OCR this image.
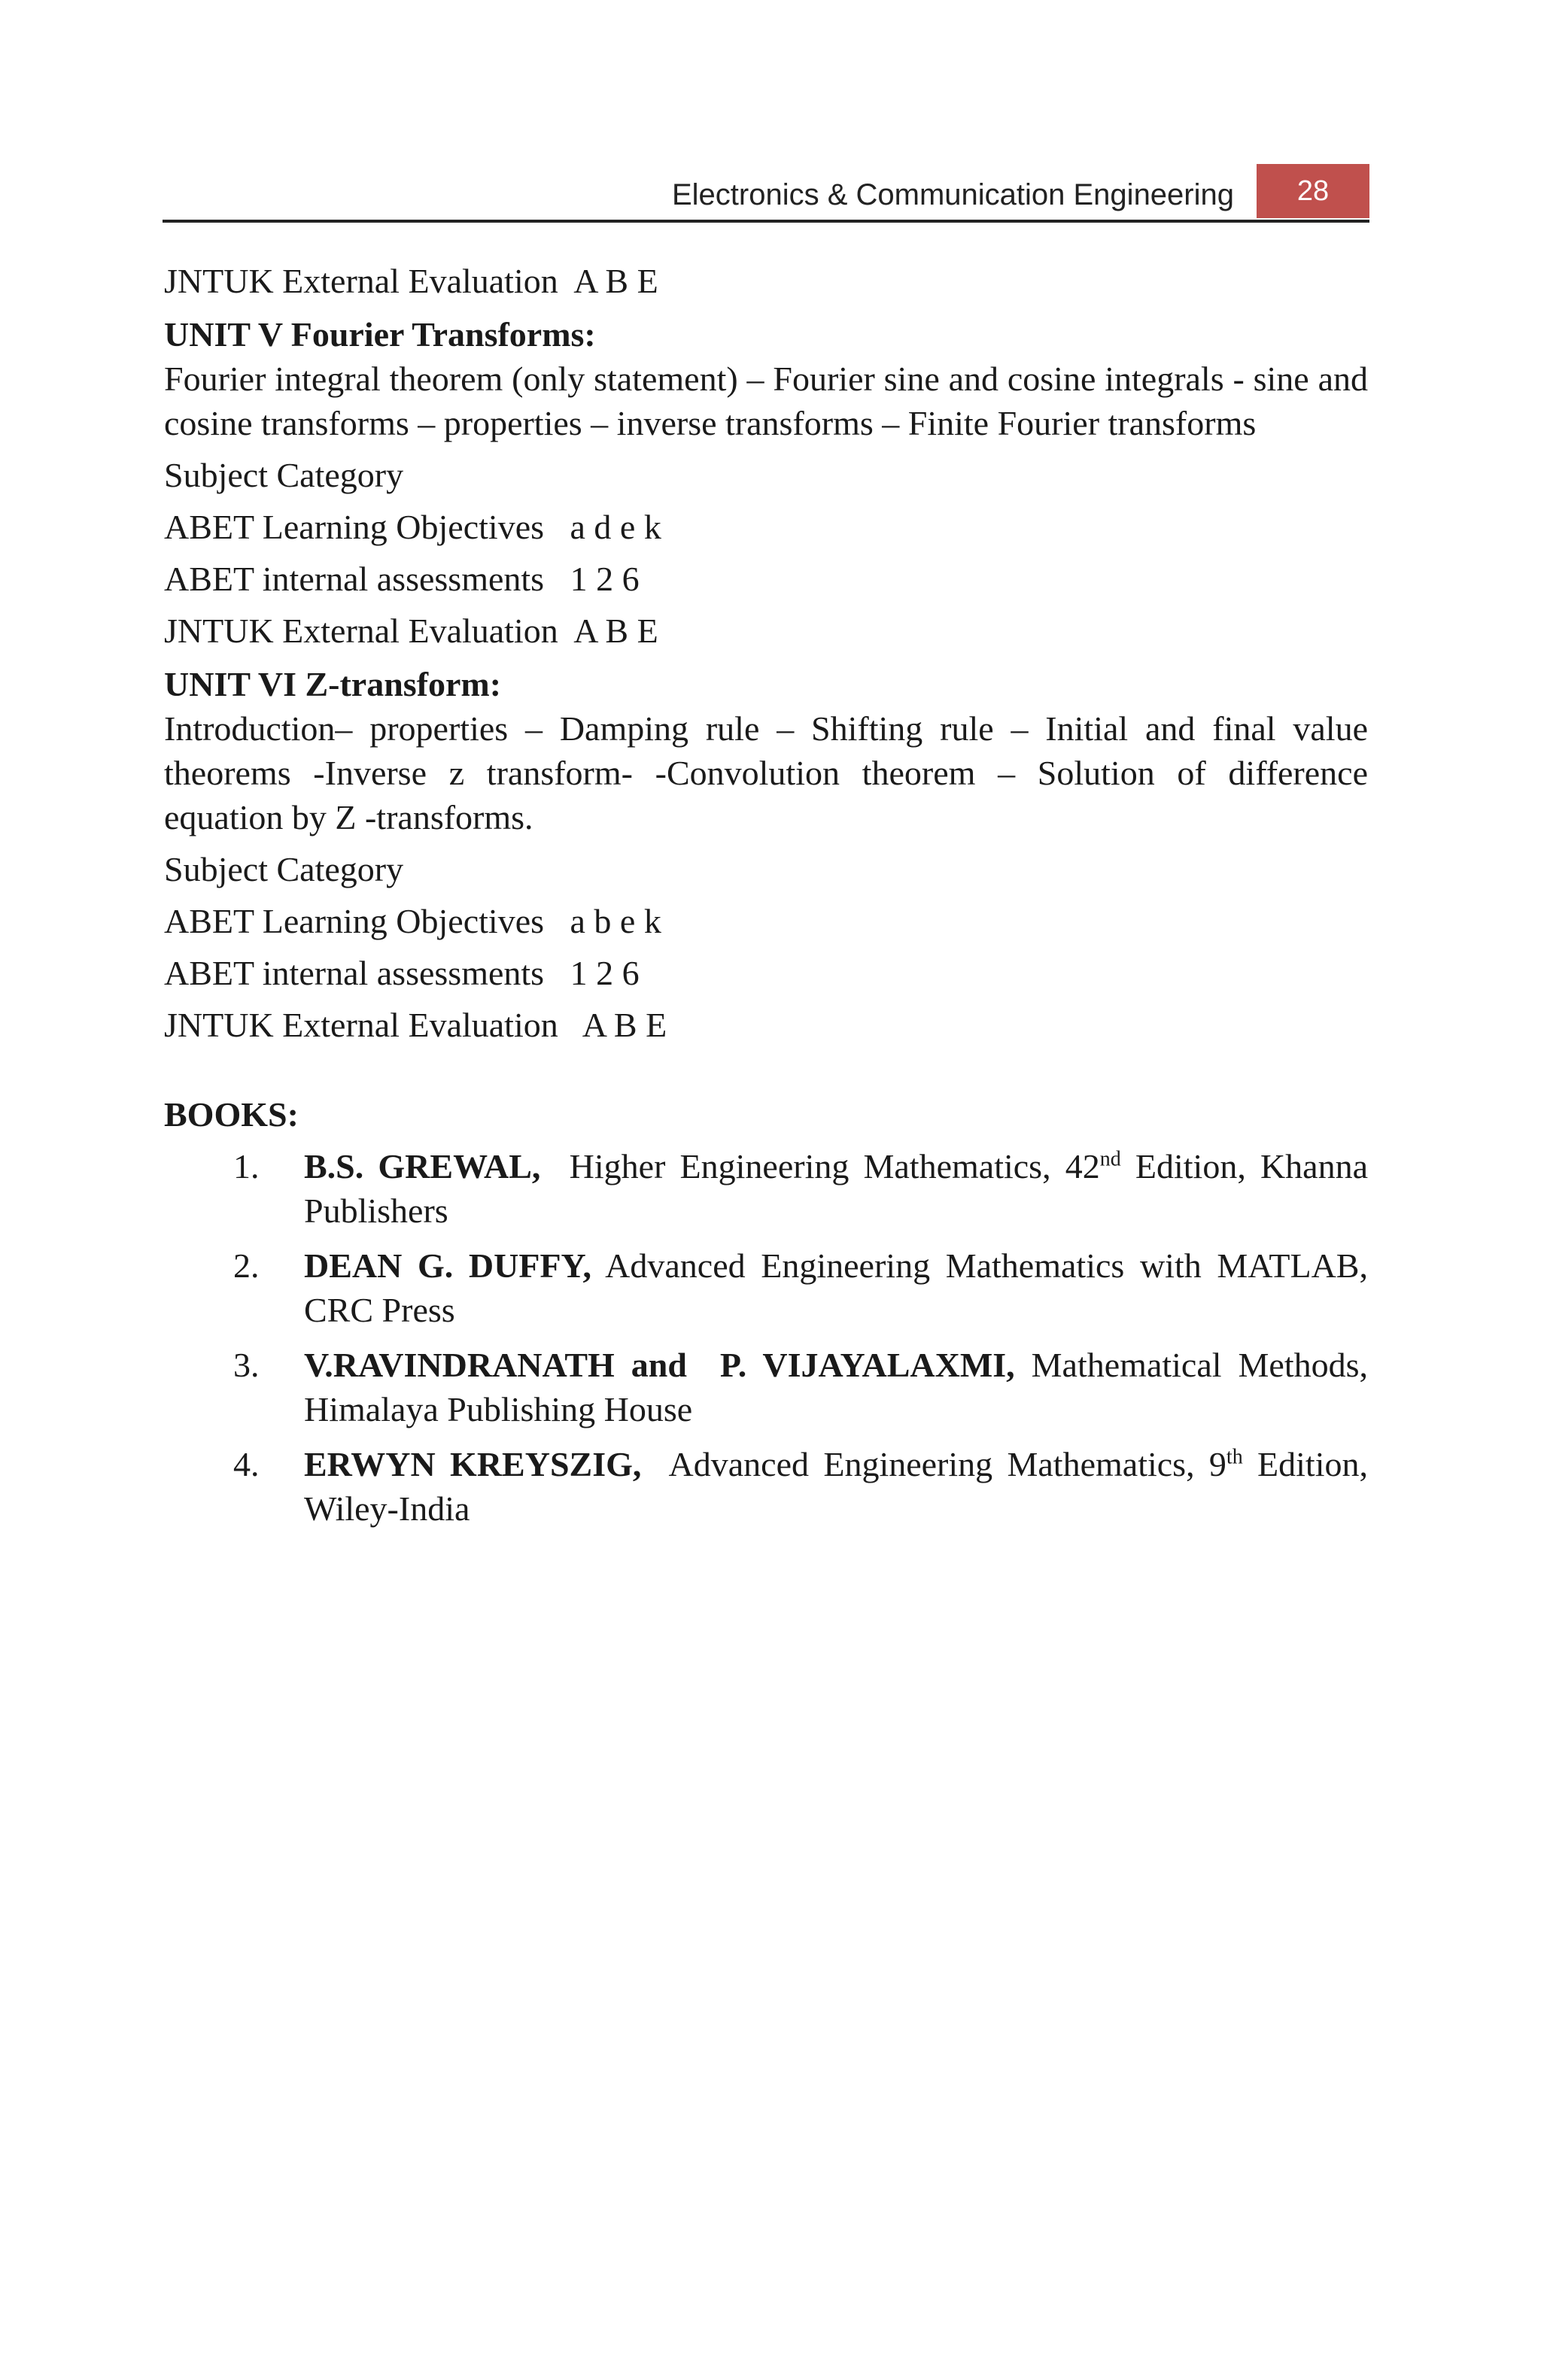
Electronics & Communication Engineering	28

JNTUK External Evaluation  A B E

UNIT V Fourier Transforms:

Fourier integral theorem (only statement) – Fourier sine and cosine integrals - sine and cosine transforms – properties – inverse transforms – Finite Fourier transforms

Subject Category

ABET Learning Objectives   a d e k

ABET internal assessments   1 2 6

JNTUK External Evaluation  A B E

UNIT VI Z-transform:

Introduction– properties – Damping rule – Shifting rule – Initial and final value theorems -Inverse z transform- -Convolution theorem – Solution of difference equation by Z -transforms.

Subject Category

ABET Learning Objectives   a b e k

ABET internal assessments   1 2 6

JNTUK External Evaluation   A B E

BOOKS:

1. B.S. GREWAL,  Higher Engineering Mathematics, 42nd Edition, Khanna Publishers
2. DEAN G. DUFFY, Advanced Engineering Mathematics with MATLAB, CRC Press
3. V.RAVINDRANATH and  P. VIJAYALAXMI, Mathematical Methods, Himalaya Publishing House
4. ERWYN KREYSZIG,  Advanced Engineering Mathematics, 9th Edition, Wiley-India
